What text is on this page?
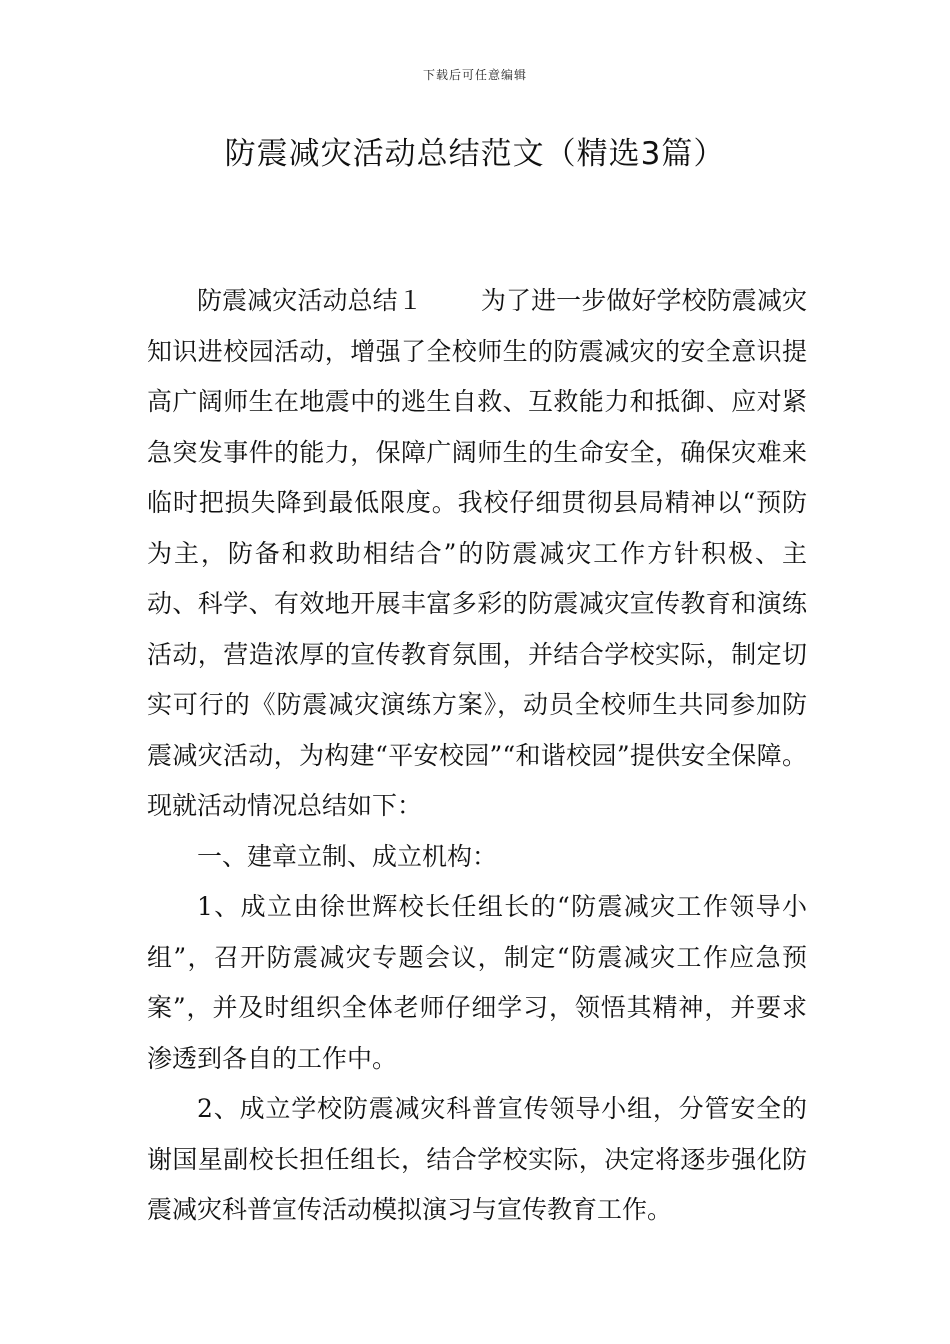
下载后可任意编辑
防震减灾活动总结范文（精选3篇）

防震减灾活动总结１ 为了进一步做好学校防震减灾知识进校园活动，增强了全校师生的防震减灾的安全意识提高广阔师生在地震中的逃生自救、互救能力和抵御、应对紧急突发事件的能力，保障广阔师生的生命安全，确保灾难来临时把损失降到最低限度。我校仔细贯彻县局精神以“预防为主，防备和救助相结合”的防震减灾工作方针积极、主动、科学、有效地开展丰富多彩的防震减灾宣传教育和演练活动，营造浓厚的宣传教育氛围，并结合学校实际，制定切实可行的《防震减灾演练方案》，动员全校师生共同参加防震减灾活动，为构建“平安校园”“和谐校园”提供安全保障。现就活动情况总结如下：

一、建章立制、成立机构：

1、成立由徐世辉校长任组长的“防震减灾工作领导小组”，召开防震减灾专题会议，制定“防震减灾工作应急预案”，并及时组织全体老师仔细学习，领悟其精神，并要求渗透到各自的工作中。

2、成立学校防震减灾科普宣传领导小组，分管安全的谢国星副校长担任组长，结合学校实际，决定将逐步强化防震减灾科普宣传活动模拟演习与宣传教育工作。
